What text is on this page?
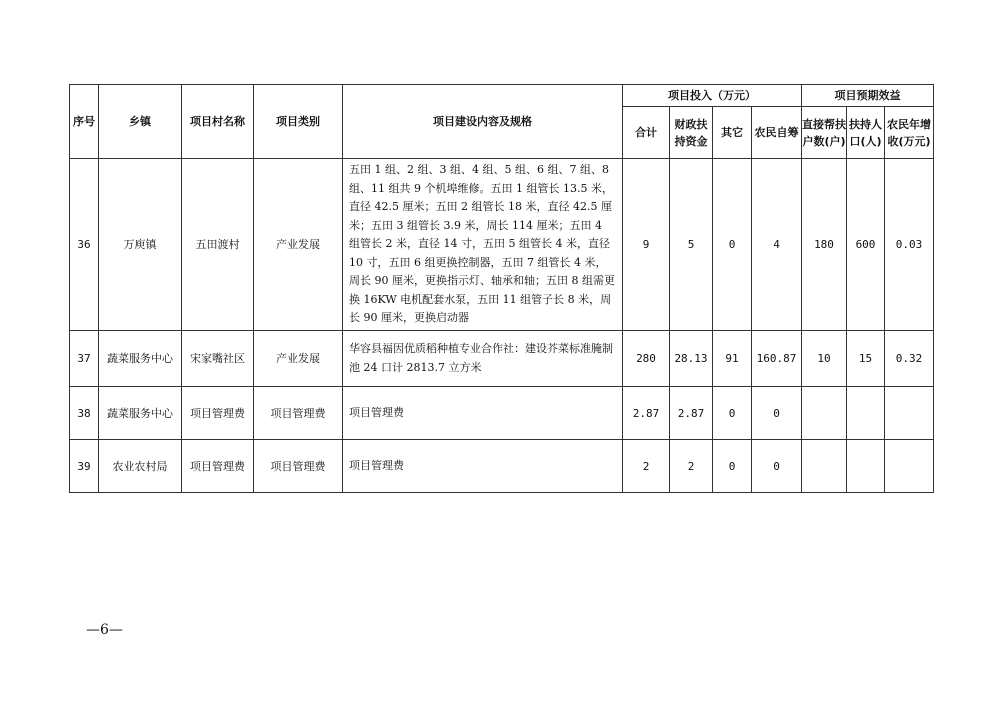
序号	乡镇	项目村名称	项目类别	项目建设内容及规格	项目投入（万元）				项目预期效益		
					合计	财政扶持资金	其它	农民自筹	直接帮扶户数(户)	扶持人口(人)	农民年增收(万元)
36	万庾镇	五田渡村	产业发展	五田 1 组、2 组、3 组、4 组、5 组、6 组、7 组、8 组、11 组共 9 个机埠维修。五田 1 组管长 13.5 米，直径 42.5 厘米；五田 2 组管长 18 米，直径 42.5 厘米；五田 3 组管长 3.9 米，周长 114 厘米；五田 4 组管长 2 米，直径 14 寸，五田 5 组管长 4 米，直径 10 寸，五田 6 组更换控制器，五田 7 组管长 4 米，周长 90 厘米，更换指示灯、轴承和轴；五田 8 组需更换 16KW 电机配套水泵，五田 11 组管子长 8 米，周长 90 厘米，更换启动器	9	5	0	4	180	600	0.03
37	蔬菜服务中心	宋家嘴社区	产业发展	华容县福因优质稻种植专业合作社：建设芥菜标准腌制池 24 口计 2813.7 立方米	280	28.13	91	160.87	10	15	0.32
38	蔬菜服务中心	项目管理费	项目管理费	项目管理费	2.87	2.87	0	0			
39	农业农村局	项目管理费	项目管理费	项目管理费	2	2	0	0			
—6—
